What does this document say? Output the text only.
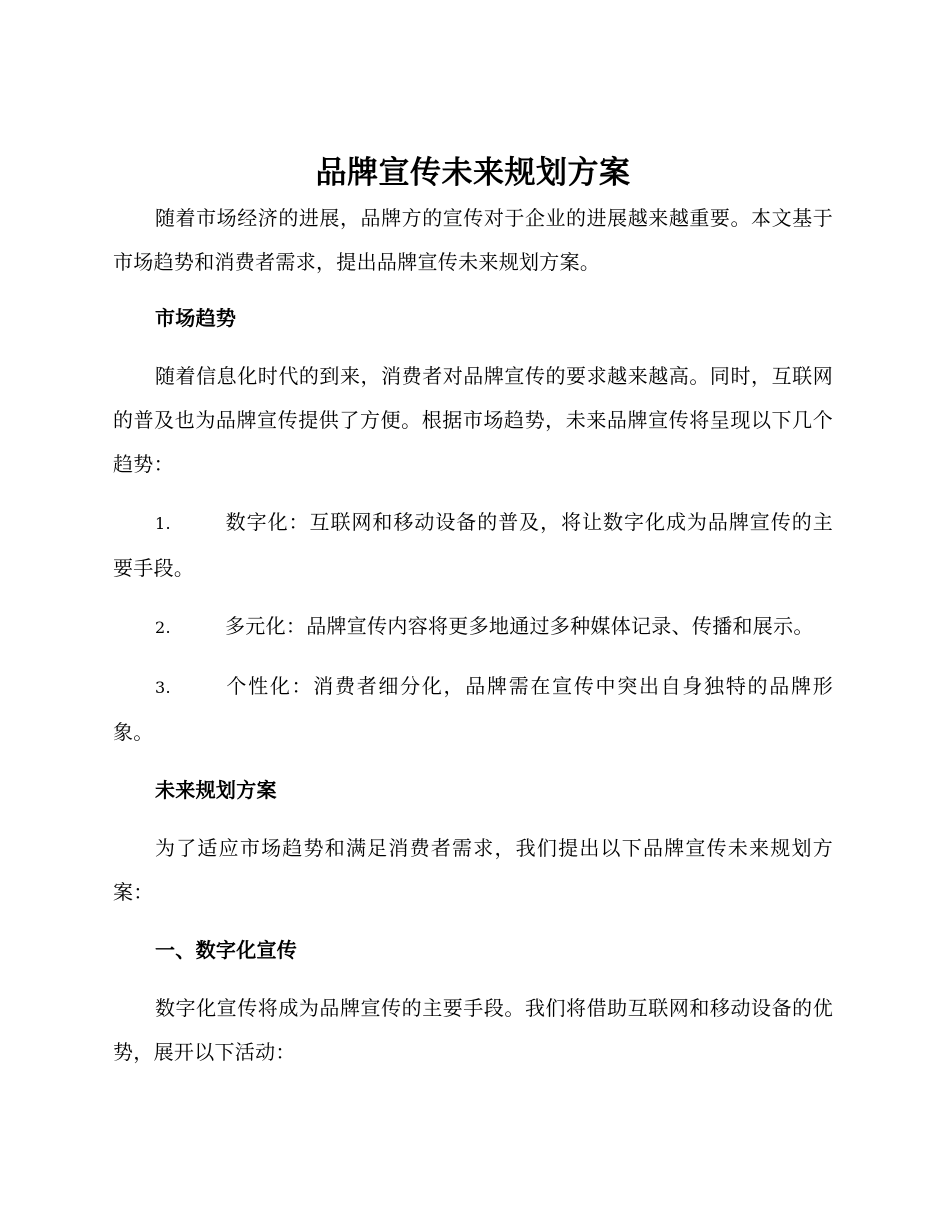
品牌宣传未来规划方案

随着市场经济的进展，品牌方的宣传对于企业的进展越来越重要。本文基于市场趋势和消费者需求，提出品牌宣传未来规划方案。

市场趋势

随着信息化时代的到来，消费者对品牌宣传的要求越来越高。同时，互联网的普及也为品牌宣传提供了方便。根据市场趋势，未来品牌宣传将呈现以下几个趋势：

1.	数字化：互联网和移动设备的普及，将让数字化成为品牌宣传的主要手段。
2.	多元化：品牌宣传内容将更多地通过多种媒体记录、传播和展示。
3.	个性化：消费者细分化，品牌需在宣传中突出自身独特的品牌形象。
未来规划方案

为了适应市场趋势和满足消费者需求，我们提出以下品牌宣传未来规划方案：

一、数字化宣传

数字化宣传将成为品牌宣传的主要手段。我们将借助互联网和移动设备的优势，展开以下活动：
